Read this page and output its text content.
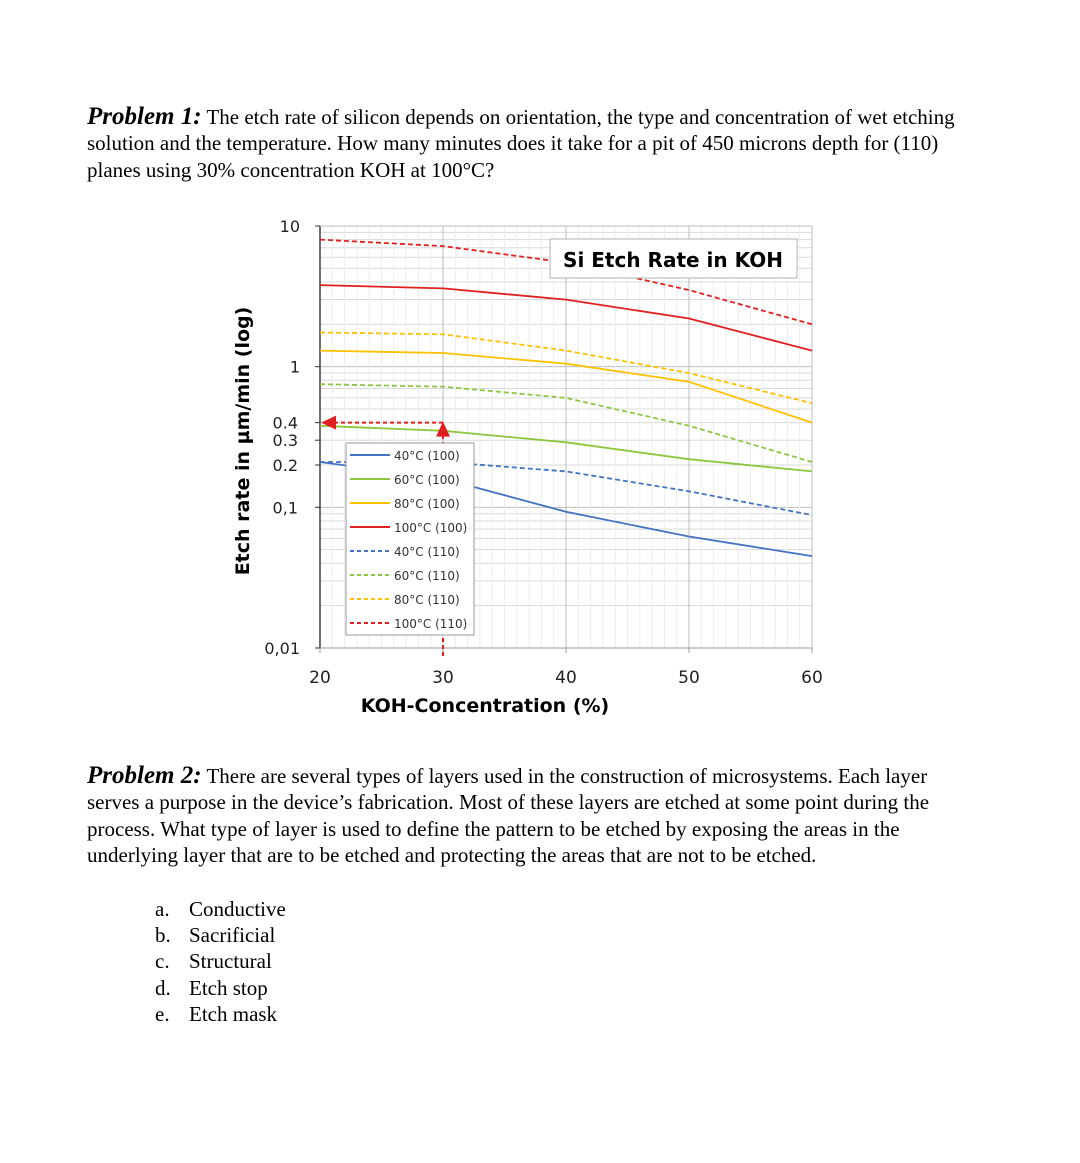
Problem 1: The etch rate of silicon depends on orientation, the type and concentration of wet etching solution and the temperature. How many minutes does it take for a pit of 450 microns depth for (110) planes using 30% concentration KOH at 100°C?
10
1
0.4
0.3
0.2
0,1
0,01
20	30	40	50	60
Si Etch Rate in KOH
40°C (100)
60°C (100)
80°C (100)
100°C (100)
40°C (110)
60°C (110)
80°C (110)
100°C (110)
KOH-Concentration (%)
Etch rate in µm/min (log)
Problem 2: There are several types of layers used in the construction of microsystems. Each layer serves a purpose in the device’s fabrication. Most of these layers are etched at some point during the process. What type of layer is used to define the pattern to be etched by exposing the areas in the underlying layer that are to be etched and protecting the areas that are not to be etched.
a. Conductive
b. Sacrificial
c. Structural
d. Etch stop
e. Etch mask
